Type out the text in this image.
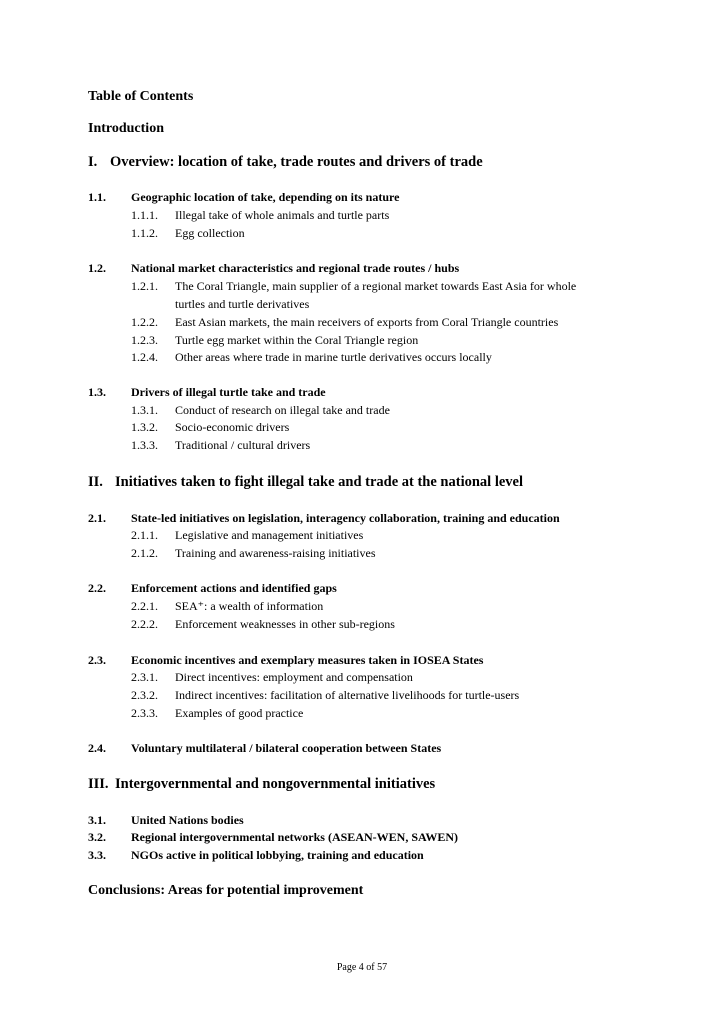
Table of Contents
Introduction
I. Overview: location of take, trade routes and drivers of trade
1.1. Geographic location of take, depending on its nature
1.1.1. Illegal take of whole animals and turtle parts
1.1.2. Egg collection
1.2. National market characteristics and regional trade routes / hubs
1.2.1. The Coral Triangle, main supplier of a regional market towards East Asia for whole
turtles and turtle derivatives
1.2.2. East Asian markets, the main receivers of exports from Coral Triangle countries
1.2.3. Turtle egg market within the Coral Triangle region
1.2.4. Other areas where trade in marine turtle derivatives occurs locally
1.3. Drivers of illegal turtle take and trade
1.3.1. Conduct of research on illegal take and trade
1.3.2. Socio-economic drivers
1.3.3. Traditional / cultural drivers
II. Initiatives taken to fight illegal take and trade at the national level
2.1. State-led initiatives on legislation, interagency collaboration, training and education
2.1.1. Legislative and management initiatives
2.1.2. Training and awareness-raising initiatives
2.2. Enforcement actions and identified gaps
2.2.1. SEA⁺: a wealth of information
2.2.2. Enforcement weaknesses in other sub-regions
2.3. Economic incentives and exemplary measures taken in IOSEA States
2.3.1. Direct incentives: employment and compensation
2.3.2. Indirect incentives: facilitation of alternative livelihoods for turtle-users
2.3.3. Examples of good practice
2.4. Voluntary multilateral / bilateral cooperation between States
III. Intergovernmental and nongovernmental initiatives
3.1. United Nations bodies
3.2. Regional intergovernmental networks (ASEAN-WEN, SAWEN)
3.3. NGOs active in political lobbying, training and education
Conclusions: Areas for potential improvement
Page 4 of 57
